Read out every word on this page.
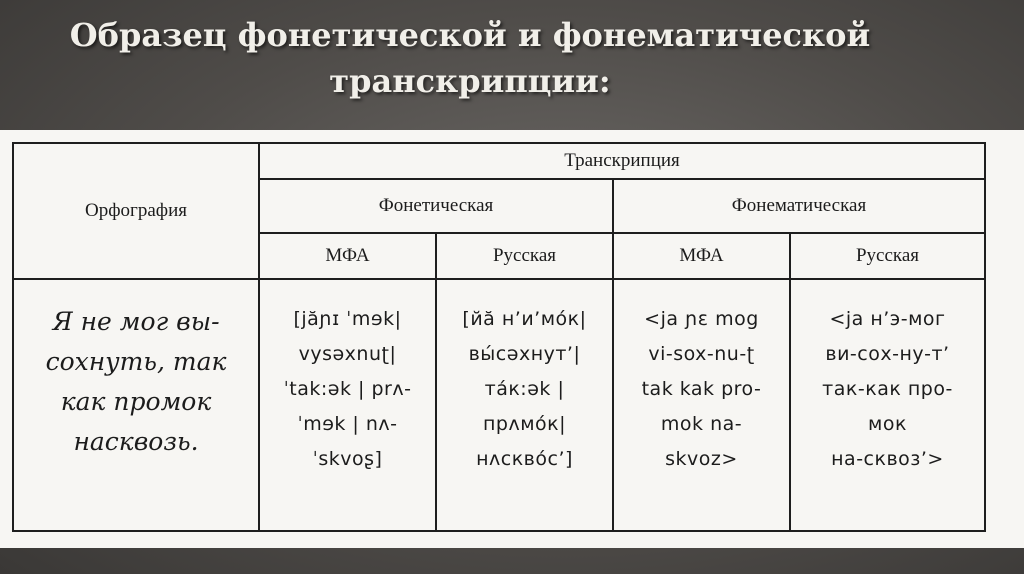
Образец фонетической и фонематической
транскрипции:
Орфография	Транскрипция			
	Фонетическая		Фонематическая	
	МФА	Русская	МФА	Русская

Я не мог вы-
сохнуть, так
как промок
насквозь.	[jăɲɪ ˈmɘk|
vysəxnuʈ|
ˈtak:ək | prʌ-
ˈmɘk | nʌ-
ˈskvoʂ]	[йă н’и’мо́к|
вы́сəхнут’|
та́к:ək |
прʌмо́к|
нʌсквóс’]	<ja ɲɛ mog
vi-sox-nu-ʈ
tak kak pro-
mok na-
skvoz>	<ja н’э-мог
ви-сох-ну-т’
так-как про-
мок
на-сквоз’>
